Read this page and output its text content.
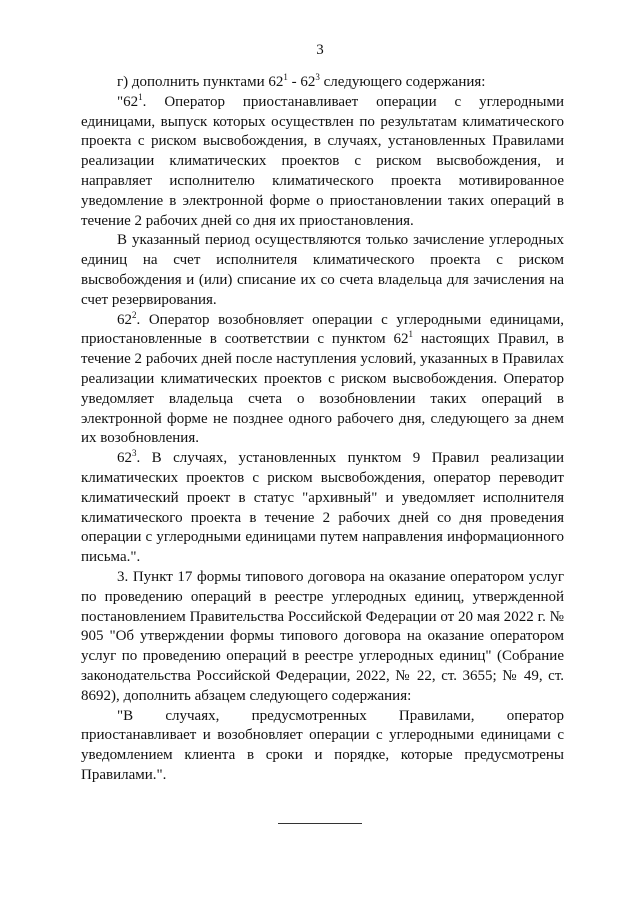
3

г) дополнить пунктами $62^1 - 62^3$ следующего содержания:

"$62^1$. Оператор приостанавливает операции с углеродными единицами, выпуск которых осуществлен по результатам климатического проекта с риском высвобождения, в случаях, установленных Правилами реализации климатических проектов с риском высвобождения, и направляет исполнителю климатического проекта мотивированное уведомление в электронной форме о приостановлении таких операций в течение 2 рабочих дней со дня их приостановления.

В указанный период осуществляются только зачисление углеродных единиц на счет исполнителя климатического проекта с риском высвобождения и (или) списание их со счета владельца для зачисления на счет резервирования.

$62^2$. Оператор возобновляет операции с углеродными единицами, приостановленные в соответствии с пунктом $62^1$ настоящих Правил, в течение 2 рабочих дней после наступления условий, указанных в Правилах реализации климатических проектов с риском высвобождения. Оператор уведомляет владельца счета о возобновлении таких операций в электронной форме не позднее одного рабочего дня, следующего за днем их возобновления.

$62^3$. В случаях, установленных пунктом 9 Правил реализации климатических проектов с риском высвобождения, оператор переводит климатический проект в статус "архивный" и уведомляет исполнителя климатического проекта в течение 2 рабочих дней со дня проведения операции с углеродными единицами путем направления информационного письма.".

3. Пункт 17 формы типового договора на оказание оператором услуг по проведению операций в реестре углеродных единиц, утвержденной постановлением Правительства Российской Федерации от 20 мая 2022 г. № 905 "Об утверждении формы типового договора на оказание оператором услуг по проведению операций в реестре углеродных единиц" (Собрание законодательства Российской Федерации, 2022, № 22, ст. 3655; № 49, ст. 8692), дополнить абзацем следующего содержания:

"В случаях, предусмотренных Правилами, оператор приостанавливает и возобновляет операции с углеродными единицами с уведомлением клиента в сроки и порядке, которые предусмотрены Правилами.".
